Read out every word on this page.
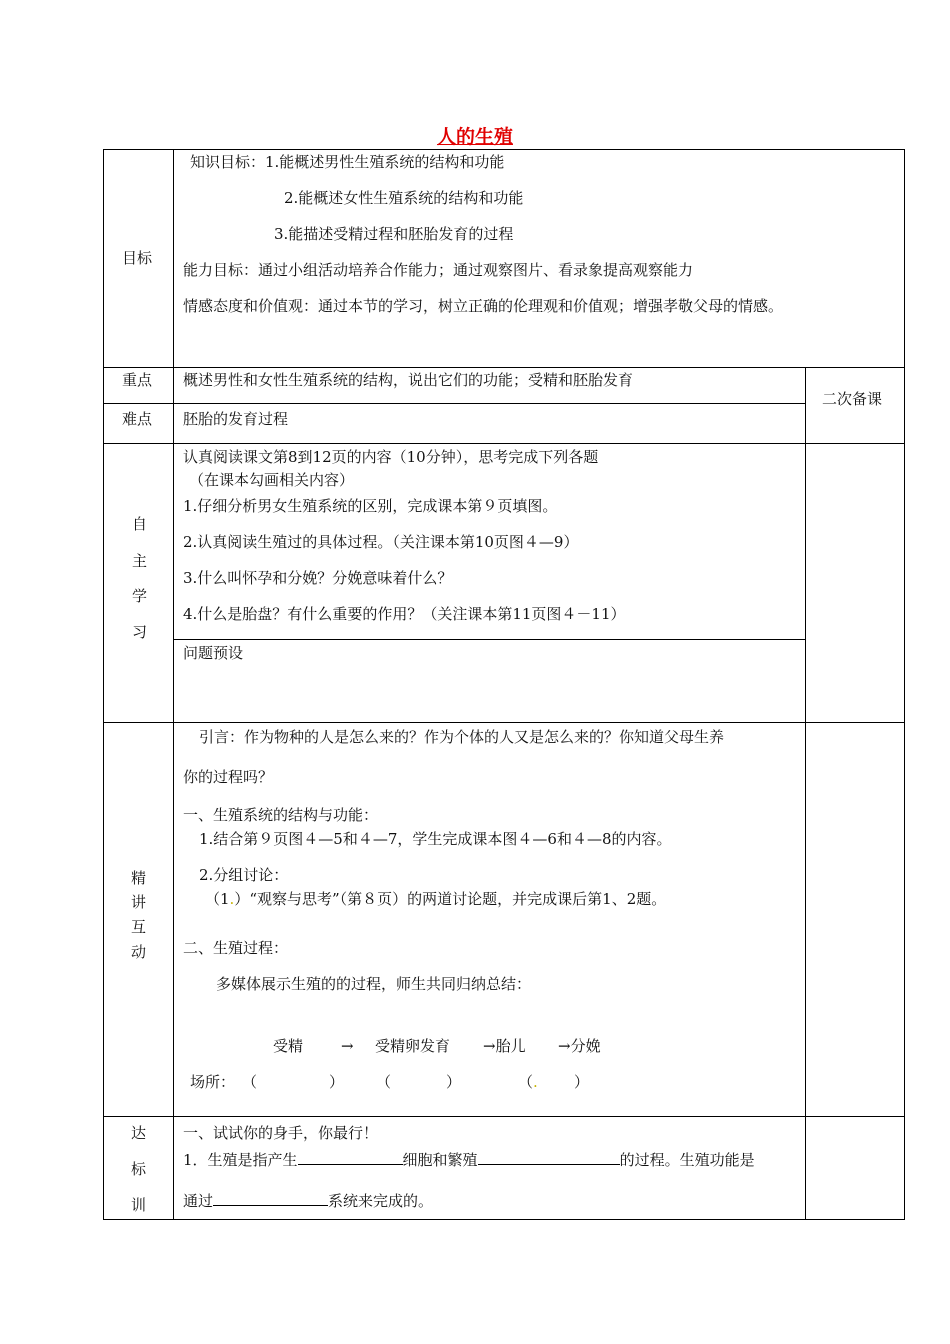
人的生殖
目标
知识目标：1.能概述男性生殖系统的结构和功能
2.能概述女性生殖系统的结构和功能
3.能描述受精过程和胚胎发育的过程
能力目标：通过小组活动培养合作能力；通过观察图片、看录象提高观察能力
情感态度和价值观：通过本节的学习，树立正确的伦理观和价值观；增强孝敬父母的情感。
重点 概述男性和女性生殖系统的结构，说出它们的功能；受精和胚胎发育
难点 胚胎的发育过程
二次备课
自
主
学
习
认真阅读课文第8到12页的内容（10分钟），思考完成下列各题
（在课本勾画相关内容）
1.仔细分析男女生殖系统的区别，完成课本第９页填图。
2.认真阅读生殖过的具体过程。（关注课本第10页图４—9）
3.什么叫怀孕和分娩？分娩意味着什么？
4.什么是胎盘？有什么重要的作用？（关注课本第11页图４－11）
问题预设
精
讲
互
动
引言：作为物种的人是怎么来的？作为个体的人又是怎么来的？你知道父母生养
你的过程吗？
一、生殖系统的结构与功能：
1.结合第９页图４—5和４—7，学生完成课本图４—6和４—8的内容。
2.分组讨论：
（1.）“观察与思考”（第８页）的两道讨论题，并完成课后第1、2题。
二、生殖过程：
多媒体展示生殖的的过程，师生共同归纳总结：
受精	→ 受精卵发育 →胎儿 →分娩
场所： （	） （	）	（. ）
达
标
训
一、试试你的身手，你最行！
1．生殖是指产生	细胞和繁殖	的过程。生殖功能是
通过	系统来完成的。
